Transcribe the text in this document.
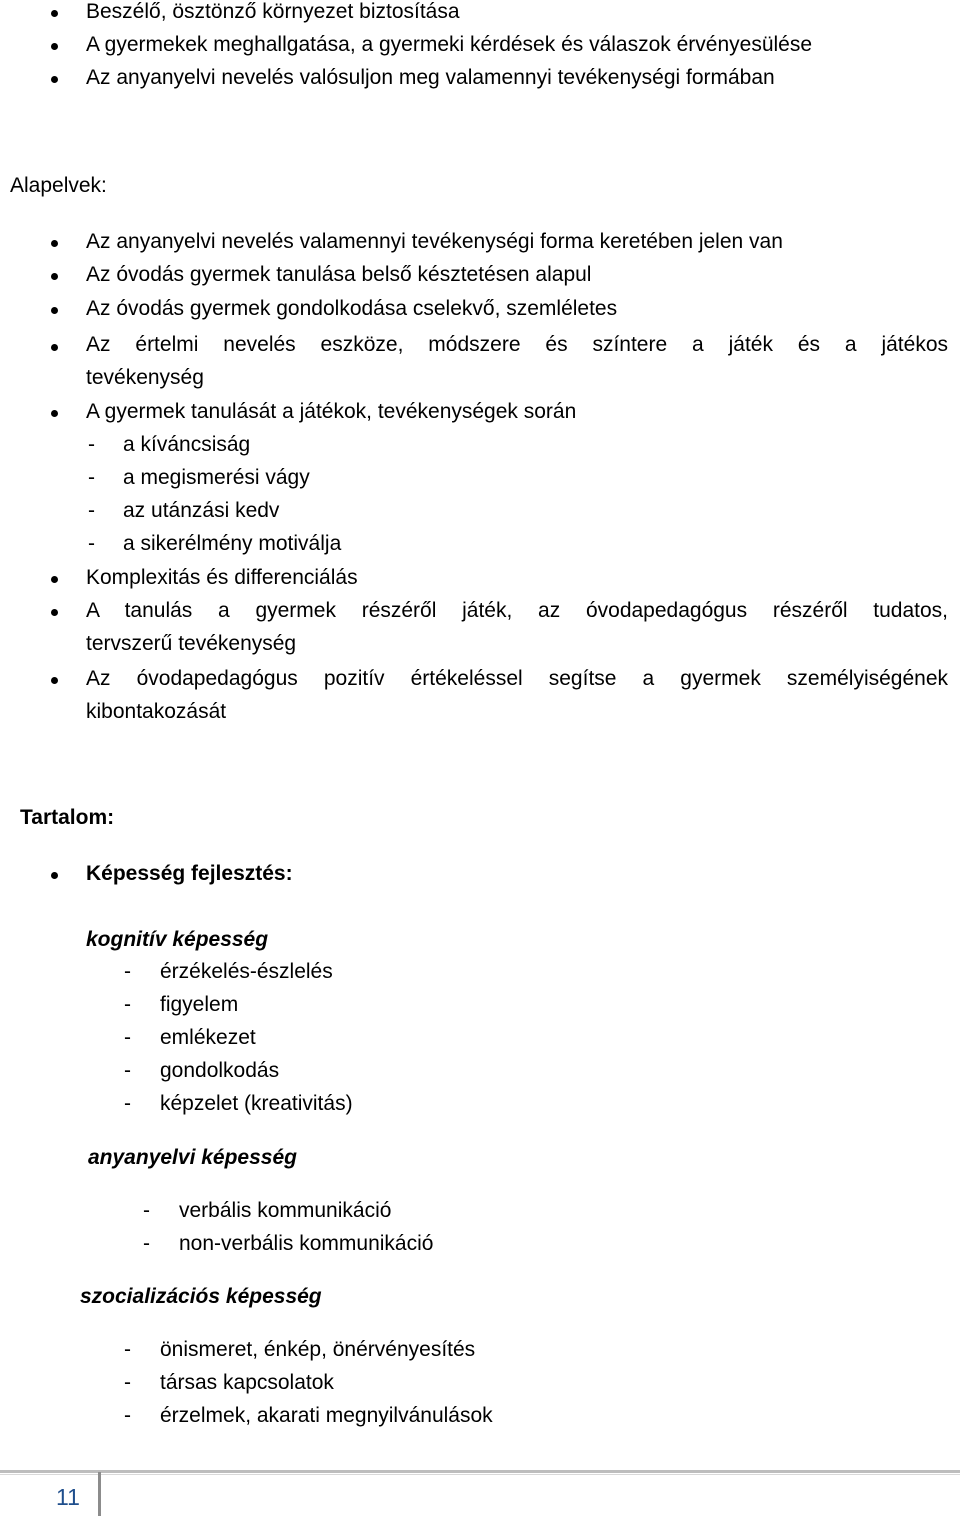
Beszélő, ösztönző környezet biztosítása
A gyermekek meghallgatása, a gyermeki kérdések és válaszok érvényesülése
Az anyanyelvi nevelés valósuljon meg valamennyi tevékenységi formában
Alapelvek:
Az anyanyelvi nevelés valamennyi tevékenységi forma keretében jelen van
Az óvodás gyermek tanulása belső késztetésen alapul
Az óvodás gyermek gondolkodása cselekvő, szemléletes
Az értelmi nevelés eszköze, módszere és színtere a játék és a játékos
tevékenység
A gyermek tanulását a játékok, tevékenységek során
- a kíváncsiság
- a megismerési vágy
- az utánzási kedv
- a sikerélmény motiválja
Komplexitás és differenciálás
A tanulás a gyermek részéről játék, az óvodapedagógus részéről tudatos,
tervszerű tevékenység
Az óvodapedagógus pozitív értékeléssel segítse a gyermek személyiségének
kibontakozását
Tartalom:
Képesség fejlesztés:
kognitív képesség
- érzékelés-észlelés
- figyelem
- emlékezet
- gondolkodás
- képzelet (kreativitás)
anyanyelvi képesség
- verbális kommunikáció
- non-verbális kommunikáció
szocializációs képesség
- önismeret, énkép, önérvényesítés
- társas kapcsolatok
- érzelmek, akarati megnyilvánulások
11
